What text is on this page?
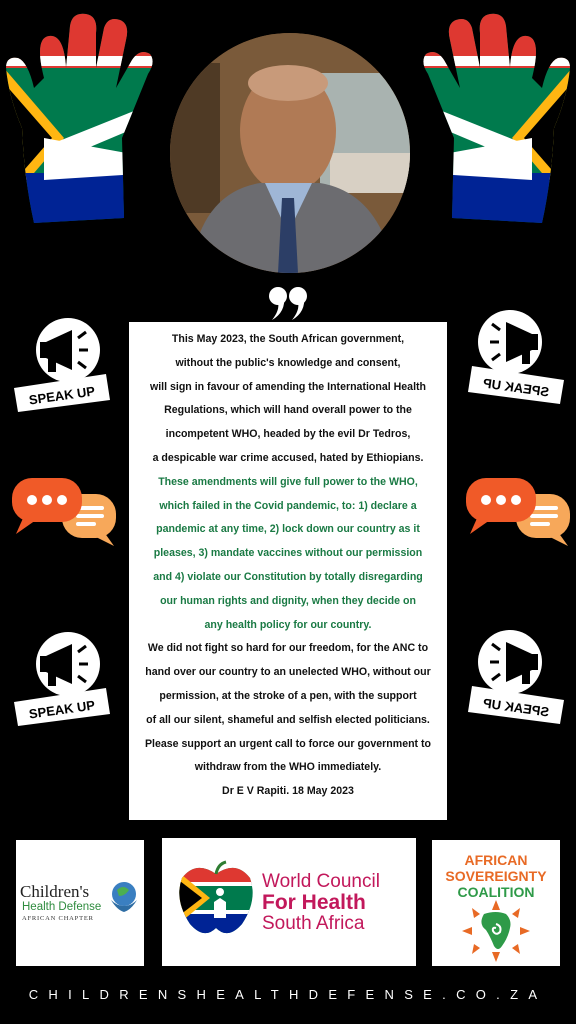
SPEAK UP	SPEAK UP
SPEAK UP	SPEAK UP

This May 2023, the South African government,

without the public's knowledge and consent,

will sign in favour of amending the International Health

Regulations, which will hand overall power to the

incompetent WHO, headed by the evil Dr Tedros,

a despicable war crime accused, hated by Ethiopians.

These amendments will give full power to the WHO,

which failed in the Covid pandemic, to: 1) declare a

pandemic at any time, 2) lock down our country as it

pleases, 3) mandate vaccines without our permission

and 4) violate our Constitution by totally disregarding

our human rights and dignity, when they decide on

any health policy for our country.

We did not fight so hard for our freedom, for the ANC to

hand over our country to an unelected WHO, without our

permission, at the stroke of a pen, with the support

of all our silent, shameful and selfish elected politicians.

Please support an urgent call to force our government to

withdraw from the WHO immediately.

Dr E V Rapiti. 18 May 2023

Children's
Health Defense
AFRICAN CHAPTER
World Council
For Health
South Africa
AFRICAN
SOVEREIGNTY
COALITION
CHILDRENSHEALTHDEFENSE.CO.ZA
